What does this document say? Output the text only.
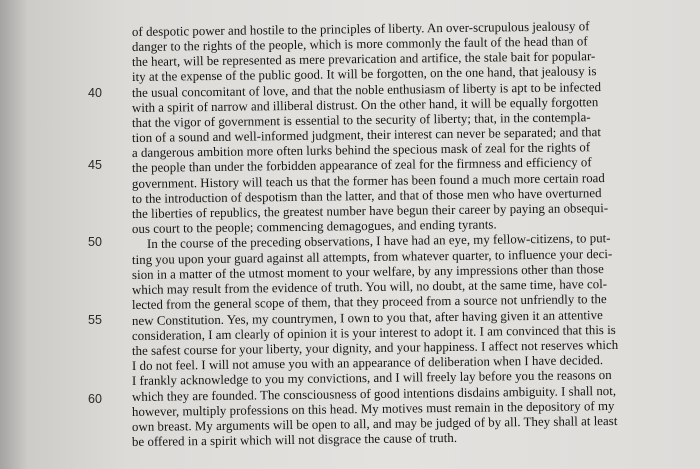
40
45
50
55
60
of despotic power and hostile to the principles of liberty. An over-scrupulous jealousy of
danger to the rights of the people, which is more commonly the fault of the head than of
the heart, will be represented as mere prevarication and artifice, the stale bait for popular-
ity at the expense of the public good. It will be forgotten, on the one hand, that jealousy is
the usual concomitant of love, and that the noble enthusiasm of liberty is apt to be infected
with a spirit of narrow and illiberal distrust. On the other hand, it will be equally forgotten
that the vigor of government is essential to the security of liberty; that, in the contempla-
tion of a sound and well-informed judgment, their interest can never be separated; and that
a dangerous ambition more often lurks behind the specious mask of zeal for the rights of
the people than under the forbidden appearance of zeal for the firmness and efficiency of
government. History will teach us that the former has been found a much more certain road
to the introduction of despotism than the latter, and that of those men who have overturned
the liberties of republics, the greatest number have begun their career by paying an obsequi-
ous court to the people; commencing demagogues, and ending tyrants.
In the course of the preceding observations, I have had an eye, my fellow-citizens, to put-
ting you upon your guard against all attempts, from whatever quarter, to influence your deci-
sion in a matter of the utmost moment to your welfare, by any impressions other than those
which may result from the evidence of truth. You will, no doubt, at the same time, have col-
lected from the general scope of them, that they proceed from a source not unfriendly to the
new Constitution. Yes, my countrymen, I own to you that, after having given it an attentive
consideration, I am clearly of opinion it is your interest to adopt it. I am convinced that this is
the safest course for your liberty, your dignity, and your happiness. I affect not reserves which
I do not feel. I will not amuse you with an appearance of deliberation when I have decided.
I frankly acknowledge to you my convictions, and I will freely lay before you the reasons on
which they are founded. The consciousness of good intentions disdains ambiguity. I shall not,
however, multiply professions on this head. My motives must remain in the depository of my
own breast. My arguments will be open to all, and may be judged of by all. They shall at least
be offered in a spirit which will not disgrace the cause of truth.
